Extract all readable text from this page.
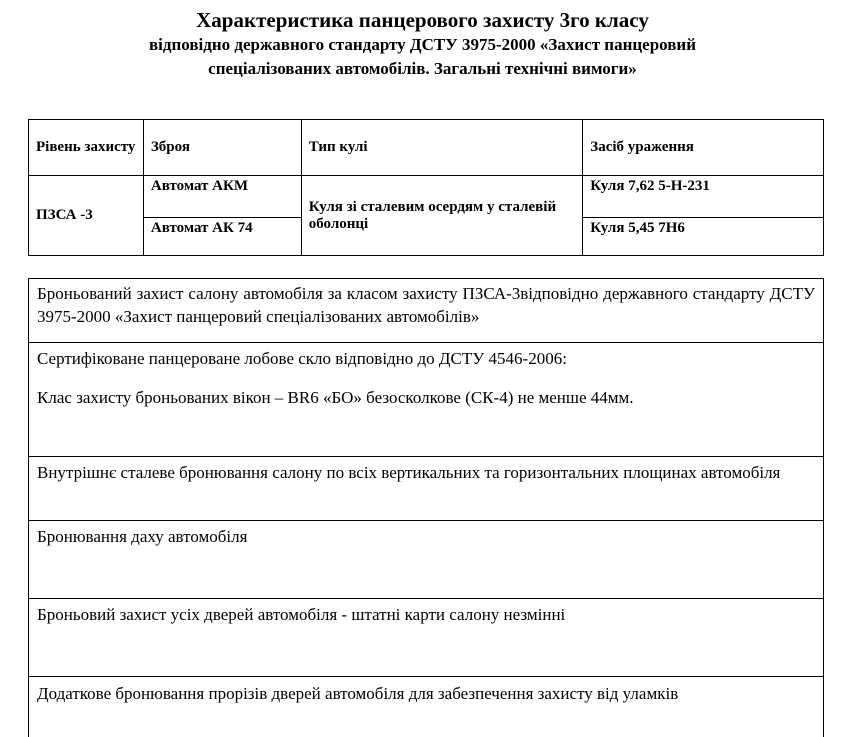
Характеристика панцерового захисту 3го класу
відповідно державного стандарту ДСТУ 3975-2000 «Захист панцеровий
спеціалізованих автомобілів. Загальні технічні вимоги»
Рівень захисту	Зброя	Тип кулі	Засіб ураження
ПЗСА -3	Автомат АКМ	Куля зі сталевим осердям у сталевій оболонці	Куля 7,62 5-Н-231
	Автомат АК 74		Куля 5,45 7Н6

Броньований захист салону автомобіля за класом захисту ПЗСА-3відповідно державного стандарту ДСТУ 3975-2000 «Захист панцеровий спеціалізованих автомобілів»

Сертифіковане панцероване лобове скло відповідно до ДСТУ 4546-2006:

Клас захисту броньованих вікон – BR6 «БО» безосколкове (СК-4) не менше 44мм.

Внутрішнє сталеве бронювання салону по всіх вертикальних та горизонтальних площинах автомобіля

Бронювання даху автомобіля

Броньовий захист усіх дверей автомобіля - штатні карти салону незмінні

Додаткове бронювання прорізів дверей автомобіля для забезпечення захисту від уламків
